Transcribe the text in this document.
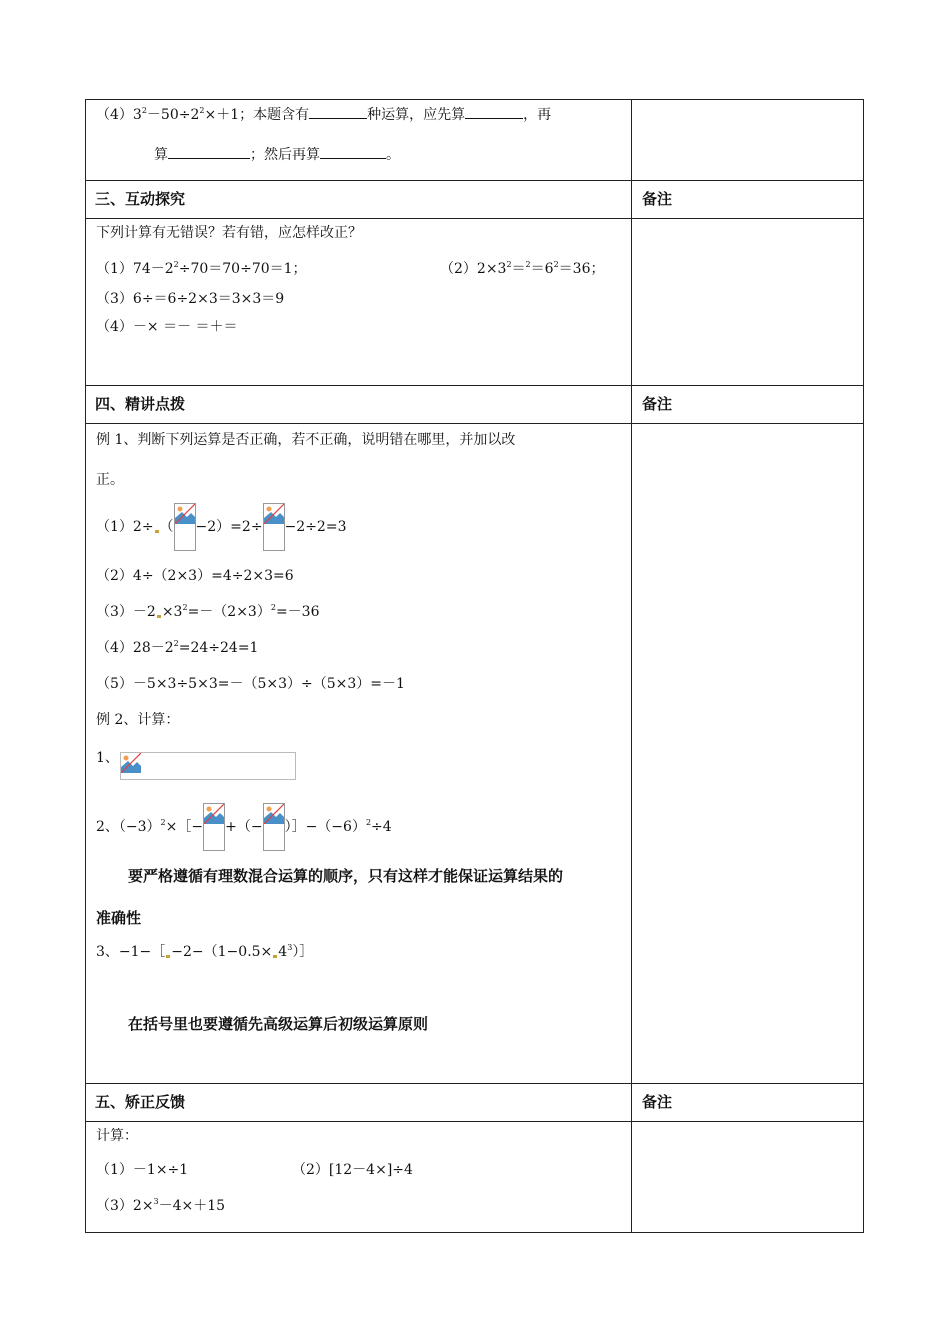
$(4)3^2-50\div 2^2\times+1$；本题含有	种运算，应先算	，再
算	；然后再算	。
三、互动探究	备注
下列计算有无错误？若有错，应怎样改正？
$(1)74-2^2\div 70=70\div 70=1$；	$(2)2\times 3^2=^2=6^2=36$；
（3）6÷＝6÷2×3＝3×3＝9
（4）－× ＝－ ＝＋＝
四、精讲点拨	备注
例 1、判断下列运算是否正确，若不正确，说明错在哪里，并加以改
正。
（1）2÷ （ −2）=2÷ −2÷2=3
（2）4÷（2×3）=4÷2×3=6
$(3)-2 \times 3^2=-(2\times 3)^2=-36$
$(4)28-2^2=24\div 24=1$
（5）－5×3÷5×3=－（5×3）÷（5×3）=－1
例 2、计算：
1、
2、$(-3)^2\times[-$ +（− ）$]-(-6)^2\div 4$
要严格遵循有理数混合运算的顺序，只有这样才能保证运算结果的
准确性
3、−1−［ $-2-(1-0.5\times 4^3)]$
在括号里也要遵循先高级运算后初级运算原则
五、矫正反馈	备注
计算：
（1）－1×÷1	（2）[12－4×]÷4
（3）2×$^3$－4×＋15
